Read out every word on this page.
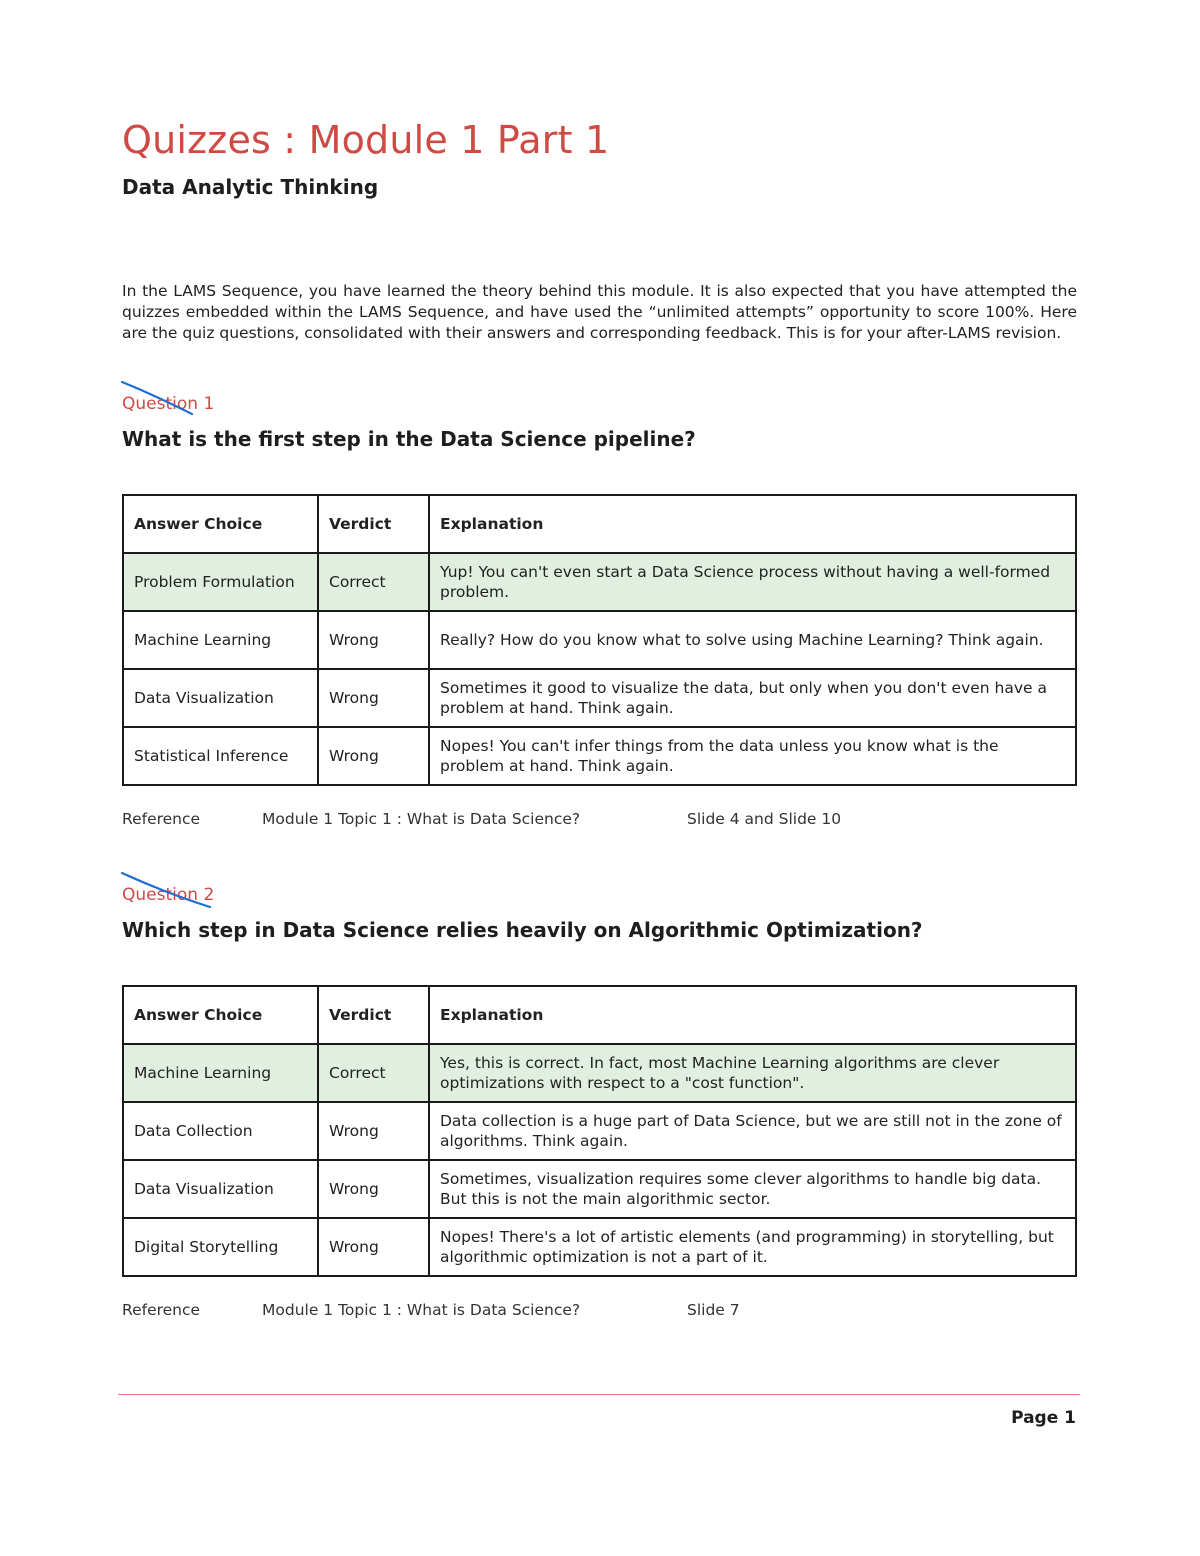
Quizzes : Module 1 Part 1
Data Analytic Thinking

In the LAMS Sequence, you have learned the theory behind this module. It is also expected that you have attempted the quizzes embedded within the LAMS Sequence, and have used the “unlimited attempts” opportunity to score 100%. Here are the quiz questions, consolidated with their answers and corresponding feedback. This is for your after-LAMS revision.

Question 1
What is the first step in the Data Science pipeline?
Answer Choice	Verdict	Explanation
Problem Formulation	Correct	Yup! You can't even start a Data Science process without having a well-formed problem.
Machine Learning	Wrong	Really? How do you know what to solve using Machine Learning? Think again.
Data Visualization	Wrong	Sometimes it good to visualize the data, but only when you don't even have a problem at hand. Think again.
Statistical Inference	Wrong	Nopes! You can't infer things from the data unless you know what is the problem at hand. Think again.
Reference	Module 1 Topic 1 : What is Data Science?	Slide 4 and Slide 10
Question 2
Which step in Data Science relies heavily on Algorithmic Optimization?
Answer Choice	Verdict	Explanation
Machine Learning	Correct	Yes, this is correct. In fact, most Machine Learning algorithms are clever optimizations with respect to a "cost function".
Data Collection	Wrong	Data collection is a huge part of Data Science, but we are still not in the zone of algorithms. Think again.
Data Visualization	Wrong	Sometimes, visualization requires some clever algorithms to handle big data. But this is not the main algorithmic sector.
Digital Storytelling	Wrong	Nopes! There's a lot of artistic elements (and programming) in storytelling, but algorithmic optimization is not a part of it.
Reference	Module 1 Topic 1 : What is Data Science?	Slide 7
Page 1
